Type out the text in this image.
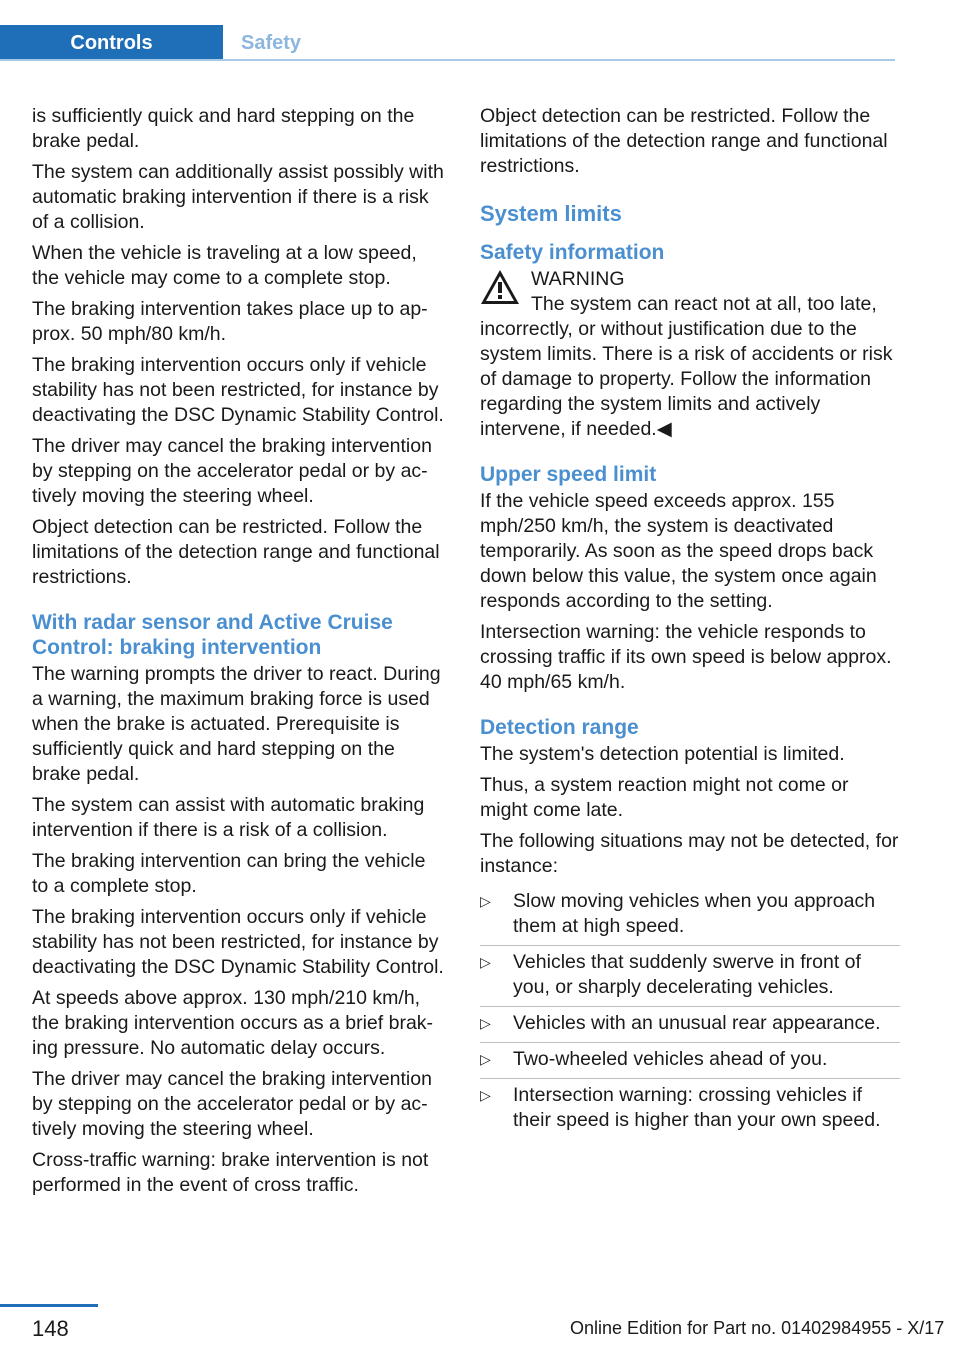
Controls	Safety

is sufficiently quick and hard stepping on the brake pedal.

The system can additionally assist possibly with automatic braking intervention if there is a risk of a collision.

When the vehicle is traveling at a low speed, the vehicle may come to a complete stop.

The braking intervention takes place up to approx. 50 mph/80 km/h.

The braking intervention occurs only if vehicle stability has not been restricted, for instance by deactivating the DSC Dynamic Stability Control.

The driver may cancel the braking intervention by stepping on the accelerator pedal or by actively moving the steering wheel.

Object detection can be restricted. Follow the limitations of the detection range and functional restrictions.

With radar sensor and Active Cruise Control: braking intervention

The warning prompts the driver to react. During a warning, the maximum braking force is used when the brake is actuated. Prerequisite is sufficiently quick and hard stepping on the brake pedal.

The system can assist with automatic braking intervention if there is a risk of a collision.

The braking intervention can bring the vehicle to a complete stop.

The braking intervention occurs only if vehicle stability has not been restricted, for instance by deactivating the DSC Dynamic Stability Control.

At speeds above approx. 130 mph/210 km/h, the braking intervention occurs as a brief braking pressure. No automatic delay occurs.

The driver may cancel the braking intervention by stepping on the accelerator pedal or by actively moving the steering wheel.

Cross-traffic warning: brake intervention is not performed in the event of cross traffic.

Object detection can be restricted. Follow the limitations of the detection range and functional restrictions.

System limits
Safety information

WARNING

The system can react not at all, too late,

incorrectly, or without justification due to the system limits. There is a risk of accidents or risk of damage to property. Follow the information regarding the system limits and actively intervene, if needed.◀

Upper speed limit

If the vehicle speed exceeds approx. 155 mph/250 km/h, the system is deactivated temporarily. As soon as the speed drops back down below this value, the system once again responds according to the setting.

Intersection warning: the vehicle responds to crossing traffic if its own speed is below approx. 40 mph/65 km/h.

Detection range

The system's detection potential is limited.

Thus, a system reaction might not come or might come late.

The following situations may not be detected, for instance:

▷ Slow moving vehicles when you approach them at high speed.
▷ Vehicles that suddenly swerve in front of you, or sharply decelerating vehicles.
▷ Vehicles with an unusual rear appearance.
▷ Two-wheeled vehicles ahead of you.
▷ Intersection warning: crossing vehicles if their speed is higher than your own speed.
148	Online Edition for Part no. 01402984955 - X/17
